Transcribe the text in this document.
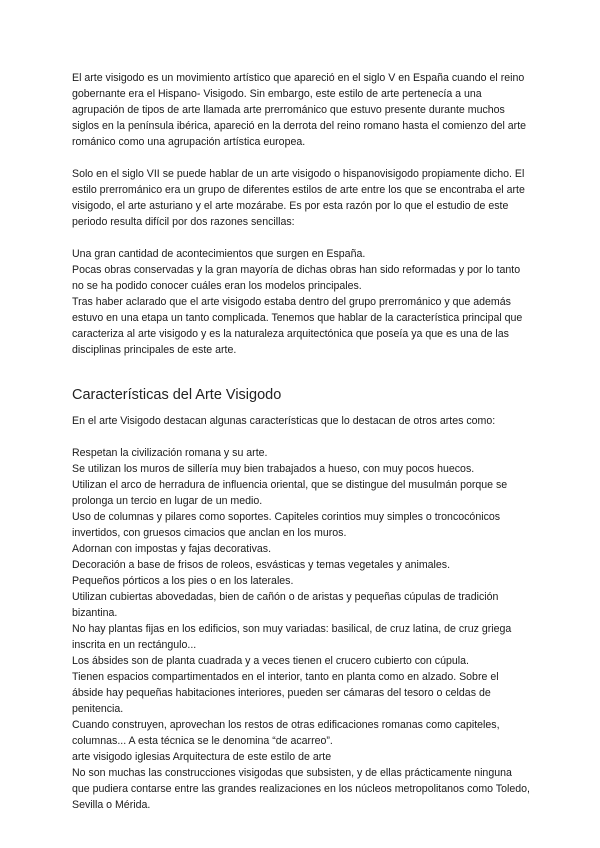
El arte visigodo es un movimiento artístico que apareció en el siglo V en España cuando el reino gobernante era el Hispano- Visigodo. Sin embargo, este estilo de arte pertenecía a una agrupación de tipos de arte llamada arte prerrománico que estuvo presente durante muchos siglos en la península ibérica, apareció en la derrota del reino romano hasta el comienzo del arte románico como una agrupación artística europea.

Solo en el siglo VII se puede hablar de un arte visigodo o hispanovisigodo propiamente dicho. El estilo prerrománico era un grupo de diferentes estilos de arte entre los que se encontraba el arte visigodo, el arte asturiano y el arte mozárabe. Es por esta razón por lo que el estudio de este periodo resulta difícil por dos razones sencillas:

Una gran cantidad de acontecimientos que surgen en España.

Pocas obras conservadas y la gran mayoría de dichas obras han sido reformadas y por lo tanto no se ha podido conocer cuáles eran los modelos principales.

Tras haber aclarado que el arte visigodo estaba dentro del grupo prerrománico y que además estuvo en una etapa un tanto complicada. Tenemos que hablar de la característica principal que caracteriza al arte visigodo y es la naturaleza arquitectónica que poseía ya que es una de las disciplinas principales de este arte.

Características del Arte Visigodo

En el arte Visigodo destacan algunas características que lo destacan de otros artes como:

Respetan la civilización romana y su arte.

Se utilizan los muros de sillería muy bien trabajados a hueso, con muy pocos huecos.

Utilizan el arco de herradura de influencia oriental, que se distingue del musulmán porque se prolonga un tercio en lugar de un medio.

Uso de columnas y pilares como soportes. Capiteles corintios muy simples o troncocónicos invertidos, con gruesos cimacios que anclan en los muros.

Adornan con impostas y fajas decorativas.

Decoración a base de frisos de roleos, esvásticas y temas vegetales y animales.

Pequeños pórticos a los pies o en los laterales.

Utilizan cubiertas abovedadas, bien de cañón o de aristas y pequeñas cúpulas de tradición bizantina.

No hay plantas fijas en los edificios, son muy variadas: basilical, de cruz latina, de cruz griega inscrita en un rectángulo...

Los ábsides son de planta cuadrada y a veces tienen el crucero cubierto con cúpula.

Tienen espacios compartimentados en el interior, tanto en planta como en alzado. Sobre el ábside hay pequeñas habitaciones interiores, pueden ser cámaras del tesoro o celdas de penitencia.

Cuando construyen, aprovechan los restos de otras edificaciones romanas como capiteles, columnas... A esta técnica se le denomina “de acarreo”.

arte visigodo iglesias Arquitectura de este estilo de arte

No son muchas las construcciones visigodas que subsisten, y de ellas prácticamente ninguna que pudiera contarse entre las grandes realizaciones en los núcleos metropolitanos como Toledo, Sevilla o Mérida.
